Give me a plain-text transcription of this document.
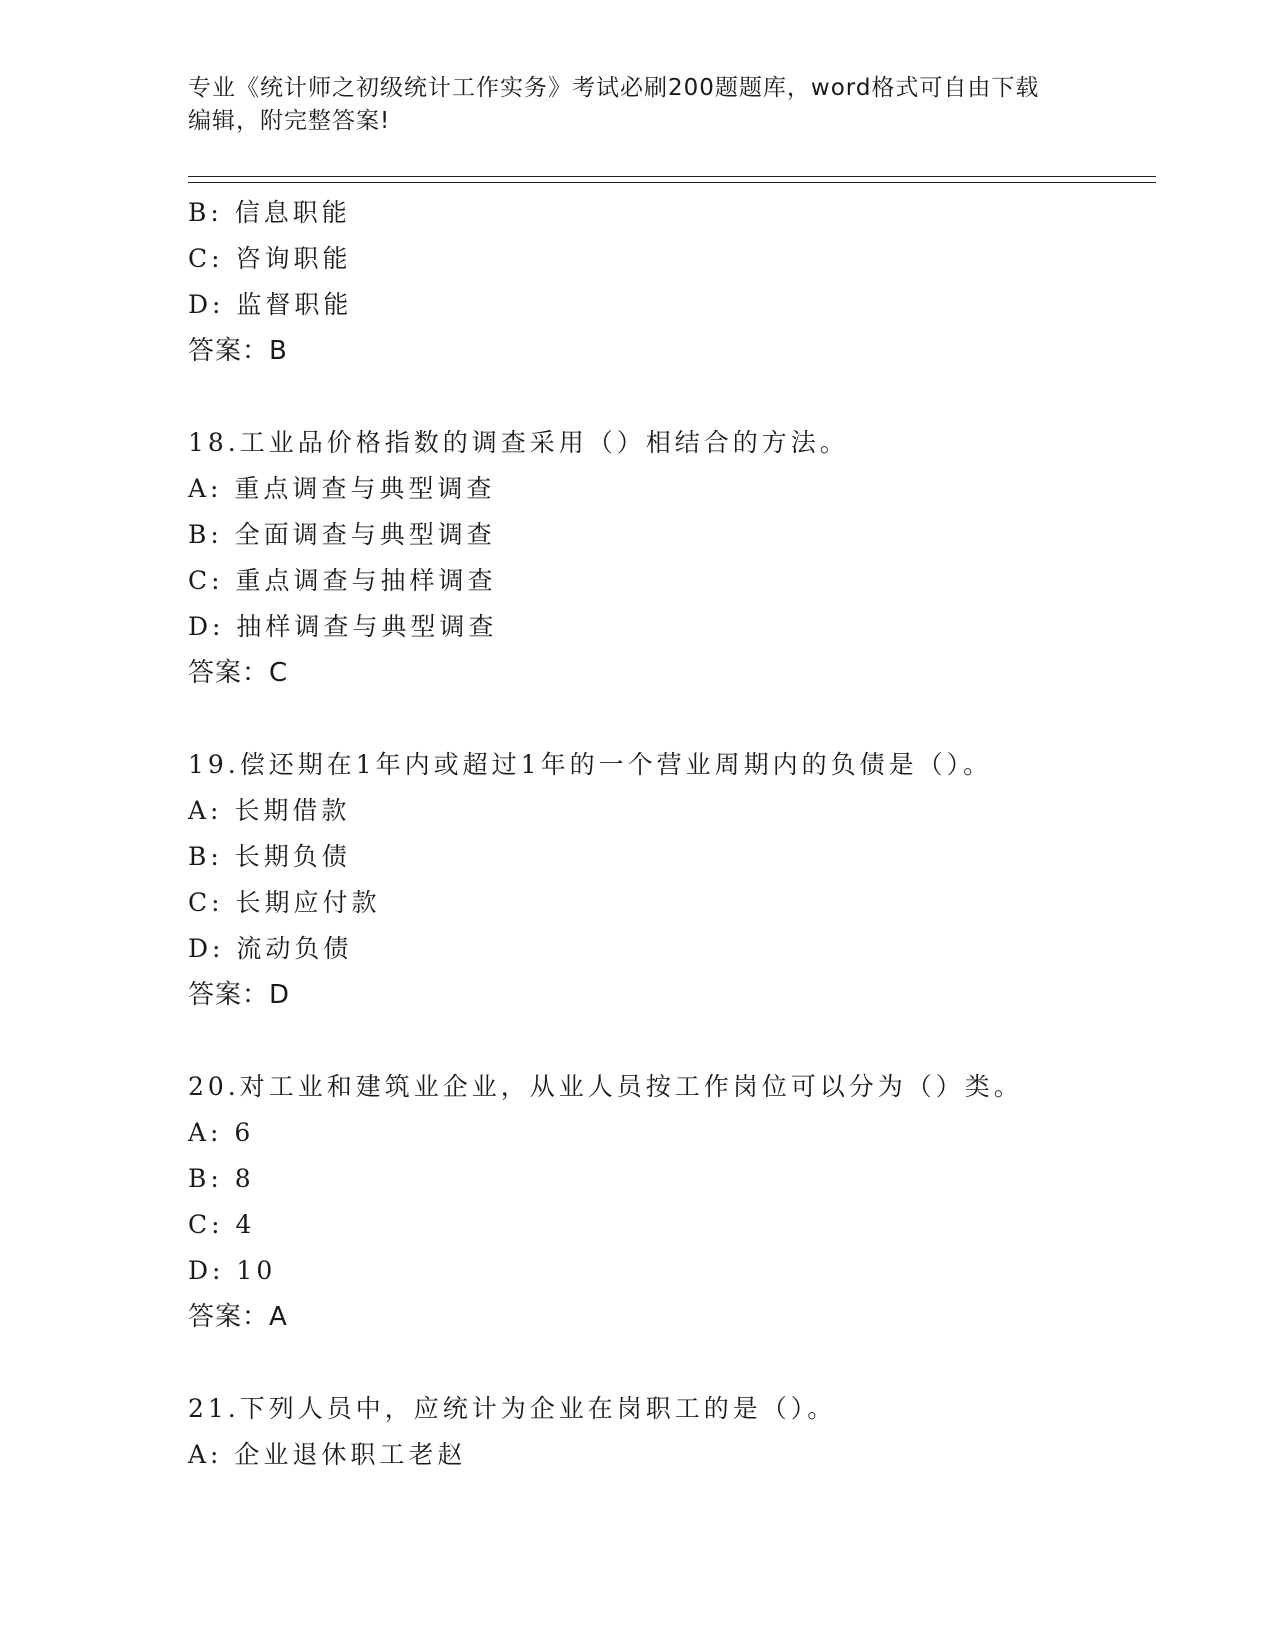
专业《统计师之初级统计工作实务》考试必刷200题题库，word格式可自由下载
编辑，附完整答案!
B: 信息职能
C: 咨询职能
D: 监督职能
答案：B
18.工业品价格指数的调查采用（）相结合的方法。
A: 重点调查与典型调查
B: 全面调查与典型调查
C: 重点调查与抽样调查
D: 抽样调查与典型调查
答案：C
19.偿还期在1年内或超过1年的一个营业周期内的负债是（）。
A: 长期借款
B: 长期负债
C: 长期应付款
D: 流动负债
答案：D
20.对工业和建筑业企业，从业人员按工作岗位可以分为（）类。
A: 6
B: 8
C: 4
D: 10
答案：A
21.下列人员中，应统计为企业在岗职工的是（）。
A: 企业退休职工老赵
